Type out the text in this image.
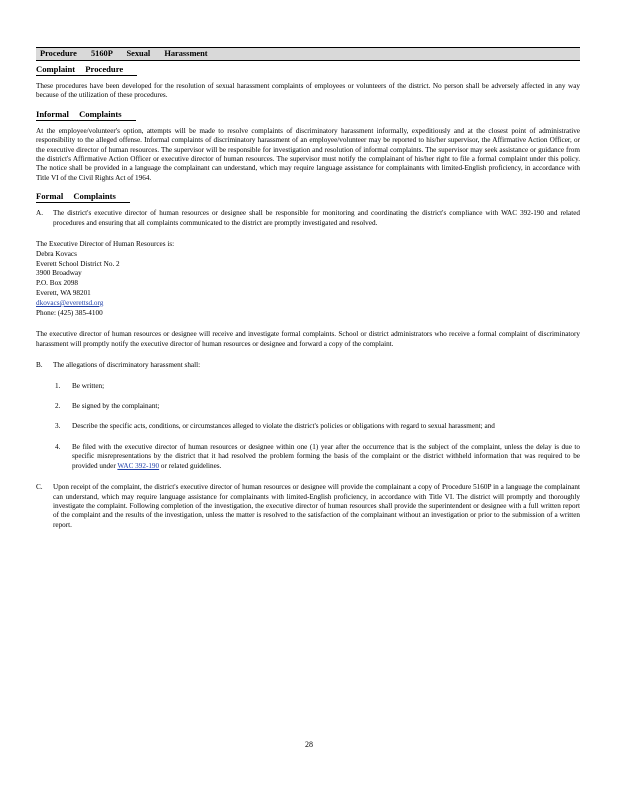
Procedure 5160P Sexual Harassment
Complaint Procedure

These procedures have been developed for the resolution of sexual harassment complaints of employees or volunteers of the district. No person shall be adversely affected in any way because of the utilization of these procedures.

Informal Complaints

At the employee/volunteer's option, attempts will be made to resolve complaints of discriminatory harassment informally, expeditiously and at the closest point of administrative responsibility to the alleged offense. Informal complaints of discriminatory harassment of an employee/volunteer may be reported to his/her supervisor, the Affirmative Action Officer, or the executive director of human resources. The supervisor will be responsible for investigation and resolution of informal complaints. The supervisor may seek assistance or guidance from the district's Affirmative Action Officer or executive director of human resources. The supervisor must notify the complainant of his/her right to file a formal complaint under this policy. The notice shall be provided in a language the complainant can understand, which may require language assistance for complainants with limited-English proficiency, in accordance with Title VI of the Civil Rights Act of 1964.

Formal Complaints
A. The district's executive director of human resources or designee shall be responsible for monitoring and coordinating the district's compliance with WAC 392-190 and related procedures and ensuring that all complaints communicated to the district are promptly investigated and resolved.

The Executive Director of Human Resources is:
Debra Kovacs
Everett School District No. 2
3900 Broadway
P.O. Box 2098
Everett, WA 98201
dkovacs@everettsd.org
Phone: (425) 385-4100

The executive director of human resources or designee will receive and investigate formal complaints. School or district administrators who receive a formal complaint of discriminatory harassment will promptly notify the executive director of human resources or designee and forward a copy of the complaint.

B. The allegations of discriminatory harassment shall:

1. Be written;

2. Be signed by the complainant;

3. Describe the specific acts, conditions, or circumstances alleged to violate the district's policies or obligations with regard to sexual harassment; and

4. Be filed with the executive director of human resources or designee within one (1) year after the occurrence that is the subject of the complaint, unless the delay is due to specific misrepresentations by the district that it had resolved the problem forming the basis of the complaint or the district withheld information that was required to be provided under WAC 392-190 or related guidelines.

C. Upon receipt of the complaint, the district's executive director of human resources or designee will provide the complainant a copy of Procedure 5160P in a language the complainant can understand, which may require language assistance for complainants with limited-English proficiency, in accordance with Title VI. The district will promptly and thoroughly investigate the complaint. Following completion of the investigation, the executive director of human resources shall provide the superintendent or designee with a full written report of the complaint and the results of the investigation, unless the matter is resolved to the satisfaction of the complainant without an investigation or prior to the submission of a written report.

28
